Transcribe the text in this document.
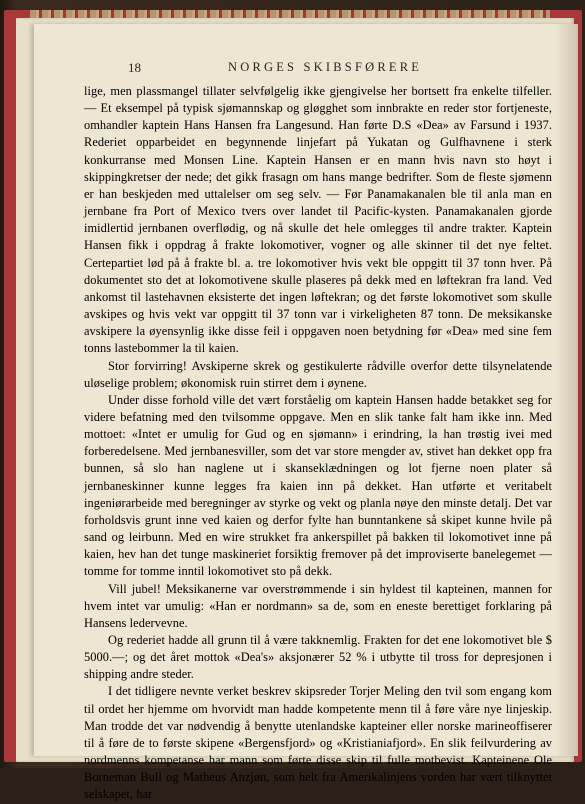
18	NORGES SKIBSFØRERE

lige, men plassmangel tillater selvfølgelig ikke gjengivelse her bortsett fra enkelte tilfeller. — Et eksempel på typisk sjømannskap og gløgghet som innbrakte en reder stor fortjeneste, omhandler kaptein Hans Hansen fra Langesund. Han førte D.S «Dea» av Farsund i 1937. Rederiet opparbeidet en begynnende linjefart på Yukatan og Gulfhavnene i sterk konkurranse med Monsen Line. Kaptein Hansen er en mann hvis navn sto høyt i skippingkretser der nede; det gikk frasagn om hans mange bedrifter. Som de fleste sjømenn er han beskjeden med uttalelser om seg selv. — Før Panamakanalen ble til anla man en jernbane fra Port of Mexico tvers over landet til Pacific-kysten. Panamakanalen gjorde imidlertid jernbanen overflødig, og nå skulle det hele omlegges til andre trakter. Kaptein Hansen fikk i oppdrag å frakte lokomotiver, vogner og alle skinner til det nye feltet. Certepartiet lød på å frakte bl. a. tre lokomotiver hvis vekt ble oppgitt til 37 tonn hver. På dokumentet sto det at lokomotivene skulle plaseres på dekk med en løftekran fra land. Ved ankomst til lastehavnen eksisterte det ingen løftekran; og det første lokomotivet som skulle avskipes og hvis vekt var oppgitt til 37 tonn var i virkeligheten 87 tonn. De meksikanske avskipere la øyensynlig ikke disse feil i oppgaven noen betydning før «Dea» med sine fem tonns lastebommer la til kaien.

Stor forvirring! Avskiperne skrek og gestikulerte rådville overfor dette tilsynelatende uløselige problem; økonomisk ruin stirret dem i øynene.

Under disse forhold ville det vært forståelig om kaptein Hansen hadde betakket seg for videre befatning med den tvilsomme oppgave. Men en slik tanke falt ham ikke inn. Med mottoet: «Intet er umulig for Gud og en sjømann» i erindring, la han trøstig ivei med forberedelsene. Med jernbanesviller, som det var store mengder av, stivet han dekket opp fra bunnen, så slo han naglene ut i skanseklædningen og lot fjerne noen plater så jernbaneskinner kunne legges fra kaien inn på dekket. Han utførte et veritabelt ingeniørarbeide med beregninger av styrke og vekt og planla nøye den minste detalj. Det var forholdsvis grunt inne ved kaien og derfor fylte han bunntankene så skipet kunne hvile på sand og leirbunn. Med en wire strukket fra ankerspillet på bakken til lokomotivet inne på kaien, hev han det tunge maskineriet forsiktig fremover på det improviserte banelegemet — tomme for tomme inntil lokomotivet sto på dekk.

Vill jubel! Meksikanerne var overstrømmende i sin hyldest til kapteinen, mannen for hvem intet var umulig: «Han er nordmann» sa de, som en eneste berettiget forklaring på Hansens ledervevne.

Og rederiet hadde all grunn til å være takknemlig. Frakten for det ene lokomotivet ble $ 5000.—; og det året mottok «Dea's» aksjonærer 52 % i utbytte til tross for depresjonen i shipping andre steder.

I det tidligere nevnte verket beskrev skipsreder Torjer Meling den tvil som engang kom til ordet her hjemme om hvorvidt man hadde kompetente menn til å føre våre nye linjeskip. Man trodde det var nødvendig å benytte utenlandske kapteiner eller norske marineoffiserer til å føre de to første skipene «Bergensfjord» og «Kristianiafjord». En slik feilvurdering av nordmenns kompetanse har mann som førte disse skip til fulle motbevist. Kapteinene Ole Borneman Bull og Matheus Anzjøn, som helt fra Amerikalinjens vorden har vært tilknyttet selskapet, har
